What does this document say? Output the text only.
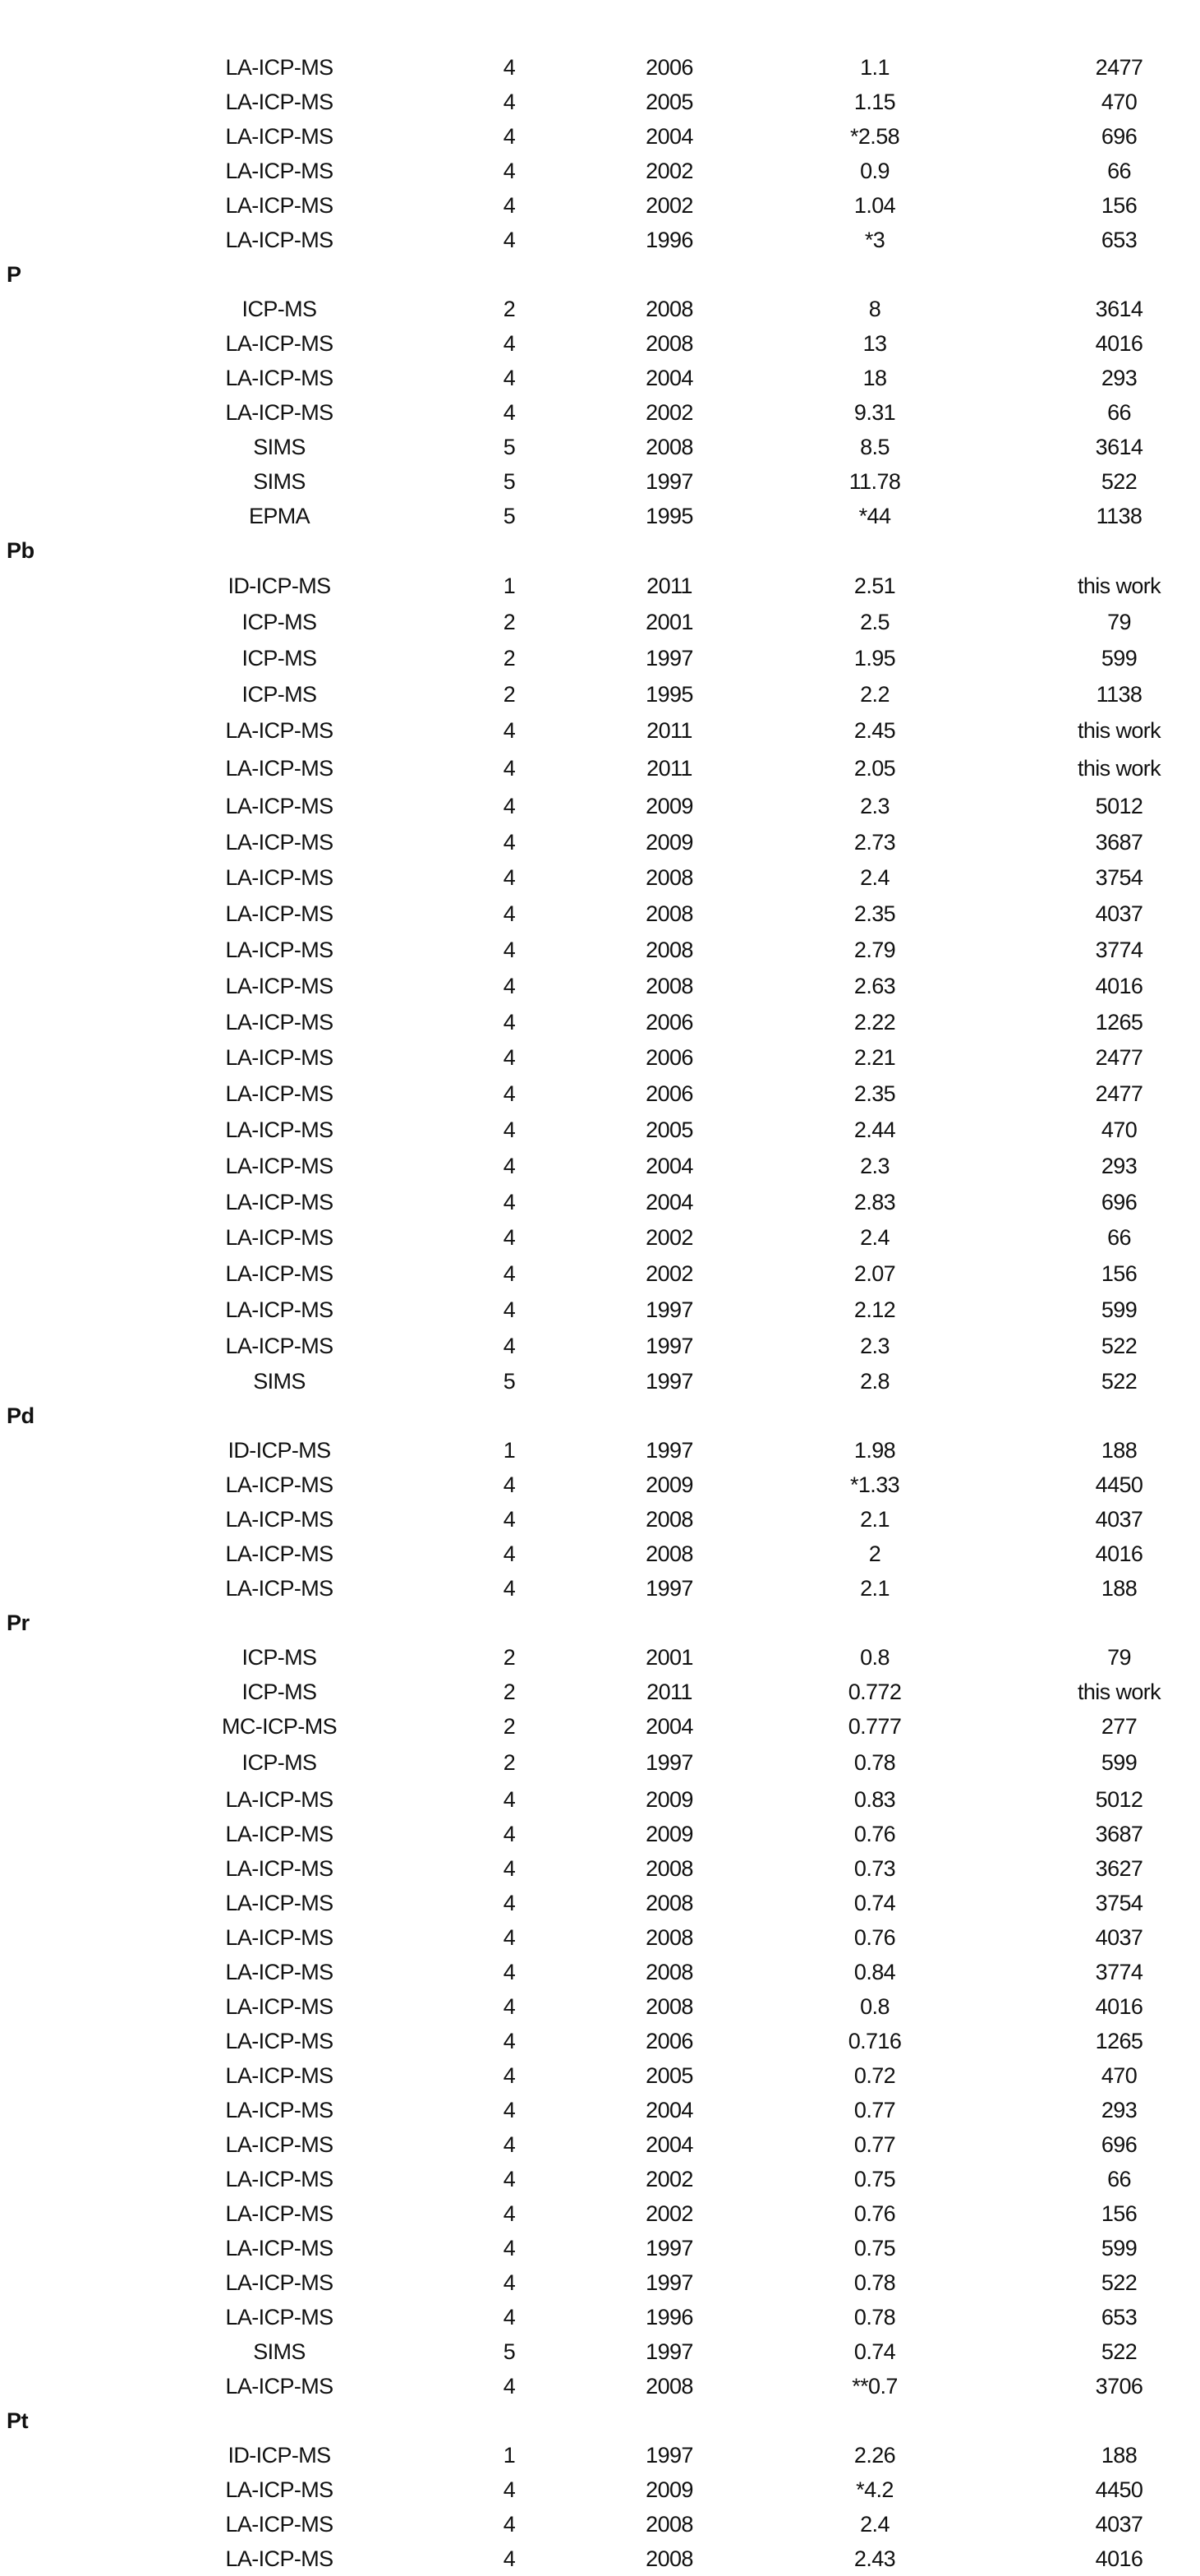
LA-ICP-MS	4	2006	1.1	2477
LA-ICP-MS	4	2005	1.15	470
LA-ICP-MS	4	2004	*2.58	696
LA-ICP-MS	4	2002	0.9	66
LA-ICP-MS	4	2002	1.04	156
LA-ICP-MS	4	1996	*3	653
P
ICP-MS	2	2008	8	3614
LA-ICP-MS	4	2008	13	4016
LA-ICP-MS	4	2004	18	293
LA-ICP-MS	4	2002	9.31	66
SIMS	5	2008	8.5	3614
SIMS	5	1997	11.78	522
EPMA	5	1995	*44	1138
Pb
ID-ICP-MS	1	2011	2.51	this work
ICP-MS	2	2001	2.5	79
ICP-MS	2	1997	1.95	599
ICP-MS	2	1995	2.2	1138
LA-ICP-MS	4	2011	2.45	this work
LA-ICP-MS	4	2011	2.05	this work
LA-ICP-MS	4	2009	2.3	5012
LA-ICP-MS	4	2009	2.73	3687
LA-ICP-MS	4	2008	2.4	3754
LA-ICP-MS	4	2008	2.35	4037
LA-ICP-MS	4	2008	2.79	3774
LA-ICP-MS	4	2008	2.63	4016
LA-ICP-MS	4	2006	2.22	1265
LA-ICP-MS	4	2006	2.21	2477
LA-ICP-MS	4	2006	2.35	2477
LA-ICP-MS	4	2005	2.44	470
LA-ICP-MS	4	2004	2.3	293
LA-ICP-MS	4	2004	2.83	696
LA-ICP-MS	4	2002	2.4	66
LA-ICP-MS	4	2002	2.07	156
LA-ICP-MS	4	1997	2.12	599
LA-ICP-MS	4	1997	2.3	522
SIMS	5	1997	2.8	522
Pd
ID-ICP-MS	1	1997	1.98	188
LA-ICP-MS	4	2009	*1.33	4450
LA-ICP-MS	4	2008	2.1	4037
LA-ICP-MS	4	2008	2	4016
LA-ICP-MS	4	1997	2.1	188
Pr
ICP-MS	2	2001	0.8	79
ICP-MS	2	2011	0.772	this work
MC-ICP-MS	2	2004	0.777	277
ICP-MS	2	1997	0.78	599
LA-ICP-MS	4	2009	0.83	5012
LA-ICP-MS	4	2009	0.76	3687
LA-ICP-MS	4	2008	0.73	3627
LA-ICP-MS	4	2008	0.74	3754
LA-ICP-MS	4	2008	0.76	4037
LA-ICP-MS	4	2008	0.84	3774
LA-ICP-MS	4	2008	0.8	4016
LA-ICP-MS	4	2006	0.716	1265
LA-ICP-MS	4	2005	0.72	470
LA-ICP-MS	4	2004	0.77	293
LA-ICP-MS	4	2004	0.77	696
LA-ICP-MS	4	2002	0.75	66
LA-ICP-MS	4	2002	0.76	156
LA-ICP-MS	4	1997	0.75	599
LA-ICP-MS	4	1997	0.78	522
LA-ICP-MS	4	1996	0.78	653
SIMS	5	1997	0.74	522
LA-ICP-MS	4	2008	**0.7	3706
Pt
ID-ICP-MS	1	1997	2.26	188
LA-ICP-MS	4	2009	*4.2	4450
LA-ICP-MS	4	2008	2.4	4037
LA-ICP-MS	4	2008	2.43	4016
